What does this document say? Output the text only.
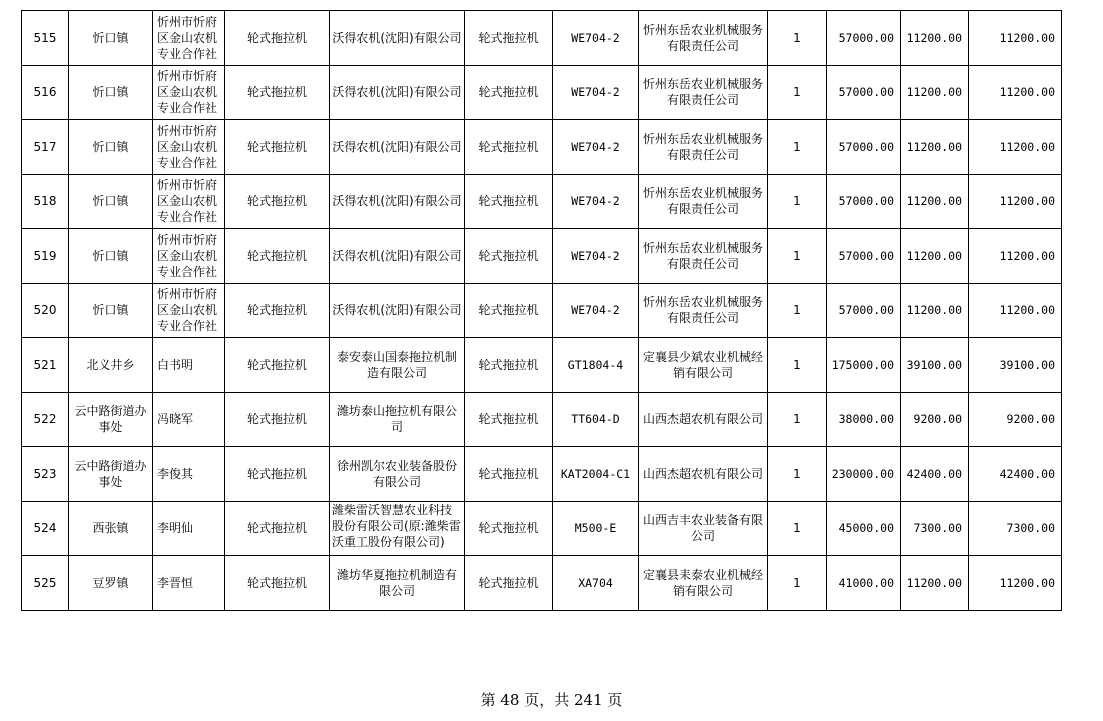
515	忻口镇	忻州市忻府区金山农机专业合作社	轮式拖拉机	沃得农机(沈阳)有限公司	轮式拖拉机	WE704-2	忻州东岳农业机械服务有限责任公司	1	57000.00	11200.00	11200.00
516	忻口镇	忻州市忻府区金山农机专业合作社	轮式拖拉机	沃得农机(沈阳)有限公司	轮式拖拉机	WE704-2	忻州东岳农业机械服务有限责任公司	1	57000.00	11200.00	11200.00
517	忻口镇	忻州市忻府区金山农机专业合作社	轮式拖拉机	沃得农机(沈阳)有限公司	轮式拖拉机	WE704-2	忻州东岳农业机械服务有限责任公司	1	57000.00	11200.00	11200.00
518	忻口镇	忻州市忻府区金山农机专业合作社	轮式拖拉机	沃得农机(沈阳)有限公司	轮式拖拉机	WE704-2	忻州东岳农业机械服务有限责任公司	1	57000.00	11200.00	11200.00
519	忻口镇	忻州市忻府区金山农机专业合作社	轮式拖拉机	沃得农机(沈阳)有限公司	轮式拖拉机	WE704-2	忻州东岳农业机械服务有限责任公司	1	57000.00	11200.00	11200.00
520	忻口镇	忻州市忻府区金山农机专业合作社	轮式拖拉机	沃得农机(沈阳)有限公司	轮式拖拉机	WE704-2	忻州东岳农业机械服务有限责任公司	1	57000.00	11200.00	11200.00
521	北义井乡	白书明	轮式拖拉机	泰安泰山国泰拖拉机制造有限公司	轮式拖拉机	GT1804-4	定襄县少斌农业机械经销有限公司	1	175000.00	39100.00	39100.00
522	云中路街道办事处	冯晓军	轮式拖拉机	潍坊泰山拖拉机有限公司	轮式拖拉机	TT604-D	山西杰超农机有限公司	1	38000.00	9200.00	9200.00
523	云中路街道办事处	李俊其	轮式拖拉机	徐州凯尔农业装备股份有限公司	轮式拖拉机	KAT2004-C1	山西杰超农机有限公司	1	230000.00	42400.00	42400.00
524	西张镇	李明仙	轮式拖拉机	潍柴雷沃智慧农业科技股份有限公司(原:潍柴雷沃重工股份有限公司)	轮式拖拉机	M500-E	山西吉丰农业装备有限公司	1	45000.00	7300.00	7300.00
525	豆罗镇	李晋恒	轮式拖拉机	潍坊华夏拖拉机制造有限公司	轮式拖拉机	XA704	定襄县耒泰农业机械经销有限公司	1	41000.00	11200.00	11200.00
第 48 页，共 241 页
